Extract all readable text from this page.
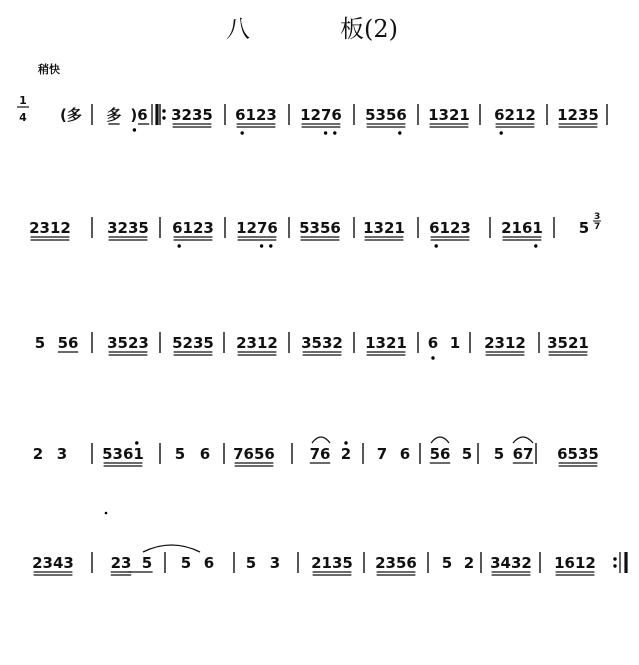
八	板(2)
稍快
1
4 (多 多 )6 3235 6123 1276 5356 1321 6212 1235
2312 3235 6123 1276 5356 1321 6123 2161 5
3
7
5 56 3523 5235 2312 3532 1321 6 1 2312 3521
2 3 5361 5 6 7656 76 2 7 6 56 5 5 67 6535
2343 23 5 5 6 5 3 2135 2356 5 2 3432 1612
